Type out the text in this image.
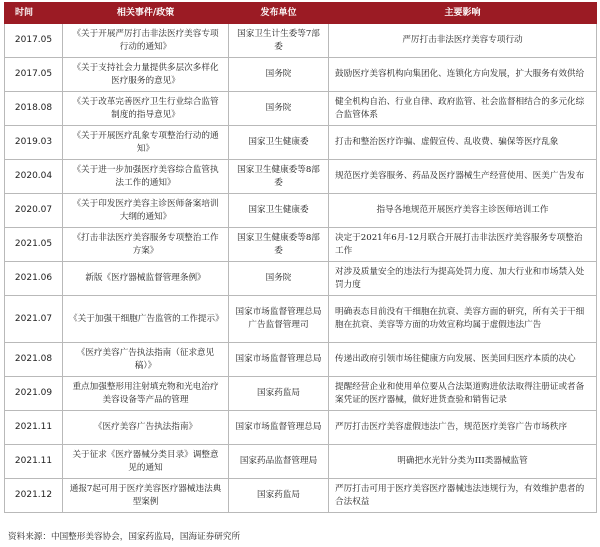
时间	相关事件/政策	发布单位	主要影响
2017.05	《关于开展严厉打击非法医疗美容专项行动的通知》	国家卫生计生委等7部委	严厉打击非法医疗美容专项行动
2017.05	《关于支持社会力量提供多层次多样化医疗服务的意见》	国务院	鼓励医疗美容机构向集团化、连锁化方向发展，扩大服务有效供给
2018.08	《关于改革完善医疗卫生行业综合监管制度的指导意见》	国务院	健全机构自治、行业自律、政府监管、社会监督相结合的多元化综合监管体系
2019.03	《关于开展医疗乱象专项整治行动的通知》	国家卫生健康委	打击和整治医疗诈骗、虚假宣传、乱收费、骗保等医疗乱象
2020.04	《关于进一步加强医疗美容综合监管执法工作的通知》	国家卫生健康委等8部委	规范医疗美容服务、药品及医疗器械生产经营使用、医美广告发布
2020.07	《关于印发医疗美容主诊医师备案培训大纲的通知》	国家卫生健康委	指导各地规范开展医疗美容主诊医师培训工作
2021.05	《打击非法医疗美容服务专项整治工作方案》	国家卫生健康委等8部委	决定于2021年6月-12月联合开展打击非法医疗美容服务专项整治工作
2021.06	新版《医疗器械监督管理条例》	国务院	对涉及质量安全的违法行为提高处罚力度、加大行业和市场禁入处罚力度
2021.07	《关于加强干细胞广告监管的工作提示》	国家市场监督管理总局广告监督管理司	明确表态目前没有干细胞在抗衰、美容方面的研究，所有关于干细胞在抗衰、美容等方面的功效宣称均属于虚假违法广告
2021.08	《医疗美容广告执法指南（征求意见稿）》	国家市场监督管理总局	传递出政府引领市场往健康方向发展、医美回归医疗本质的决心
2021.09	重点加强整形用注射填充物和光电治疗美容设备等产品的管理	国家药监局	提醒经营企业和使用单位要从合法渠道购进依法取得注册证或者备案凭证的医疗器械，做好进货查验和销售记录
2021.11	《医疗美容广告执法指南》	国家市场监督管理总局	严厉打击医疗美容虚假违法广告，规范医疗美容广告市场秩序
2021.11	关于征求《医疗器械分类目录》调整意见的通知	国家药品监督管理局	明确把水光针分类为III类器械监管
2021.12	通报7起可用于医疗美容医疗器械违法典型案例	国家药监局	严厉打击可用于医疗美容医疗器械违法违规行为，有效维护患者的合法权益
资料来源：中国整形美容协会，国家药监局，国海证券研究所
